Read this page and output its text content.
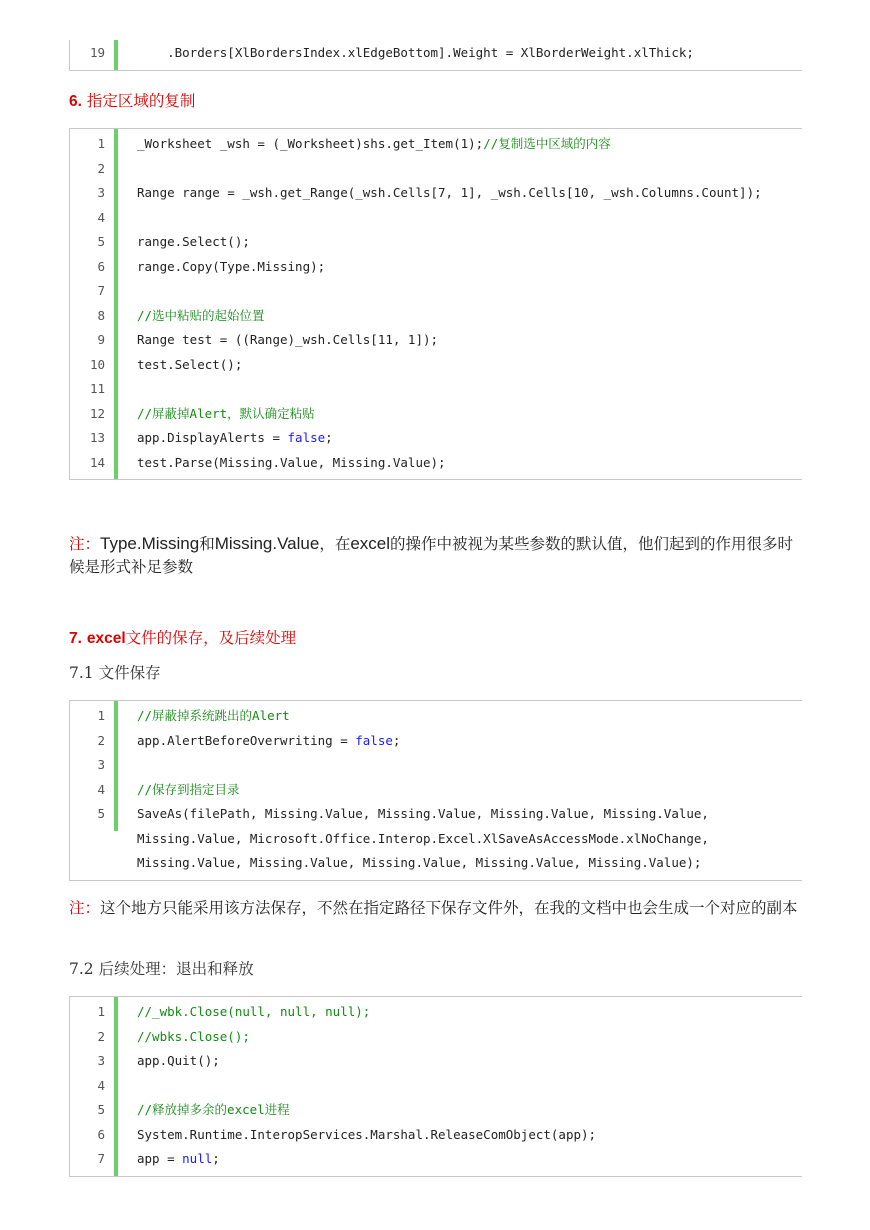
19	.Borders[XlBordersIndex.xlEdgeBottom].Weight = XlBorderWeight.xlThick;
6. 指定区域的复制
1	_Worksheet _wsh = (_Worksheet)shs.get_Item(1);//复制选中区域的内容
2
3	Range range = _wsh.get_Range(_wsh.Cells[7, 1], _wsh.Cells[10, _wsh.Columns.Count]);
4
5	range.Select();
6	range.Copy(Type.Missing);
7
8	//选中粘贴的起始位置
9	Range test = ((Range)_wsh.Cells[11, 1]);
10	test.Select();
11
12	//屏蔽掉Alert，默认确定粘贴
13	app.DisplayAlerts = false;
14	test.Parse(Missing.Value, Missing.Value);
注：Type.Missing和Missing.Value，在excel的操作中被视为某些参数的默认值，他们起到的作用很多时候是形式补足参数
7. excel文件的保存，及后续处理
7.1 文件保存
1	//屏蔽掉系统跳出的Alert
2	app.AlertBeforeOverwriting = false;
3
4	//保存到指定目录
5	SaveAs(filePath, Missing.Value, Missing.Value, Missing.Value, Missing.Value,
Missing.Value, Microsoft.Office.Interop.Excel.XlSaveAsAccessMode.xlNoChange,
Missing.Value, Missing.Value, Missing.Value, Missing.Value, Missing.Value);
注：这个地方只能采用该方法保存，不然在指定路径下保存文件外，在我的文档中也会生成一个对应的副本
7.2 后续处理：退出和释放
1	//_wbk.Close(null, null, null);
2	//wbks.Close();
3	app.Quit();
4
5	//释放掉多余的excel进程
6	System.Runtime.InteropServices.Marshal.ReleaseComObject(app);
7	app = null;
